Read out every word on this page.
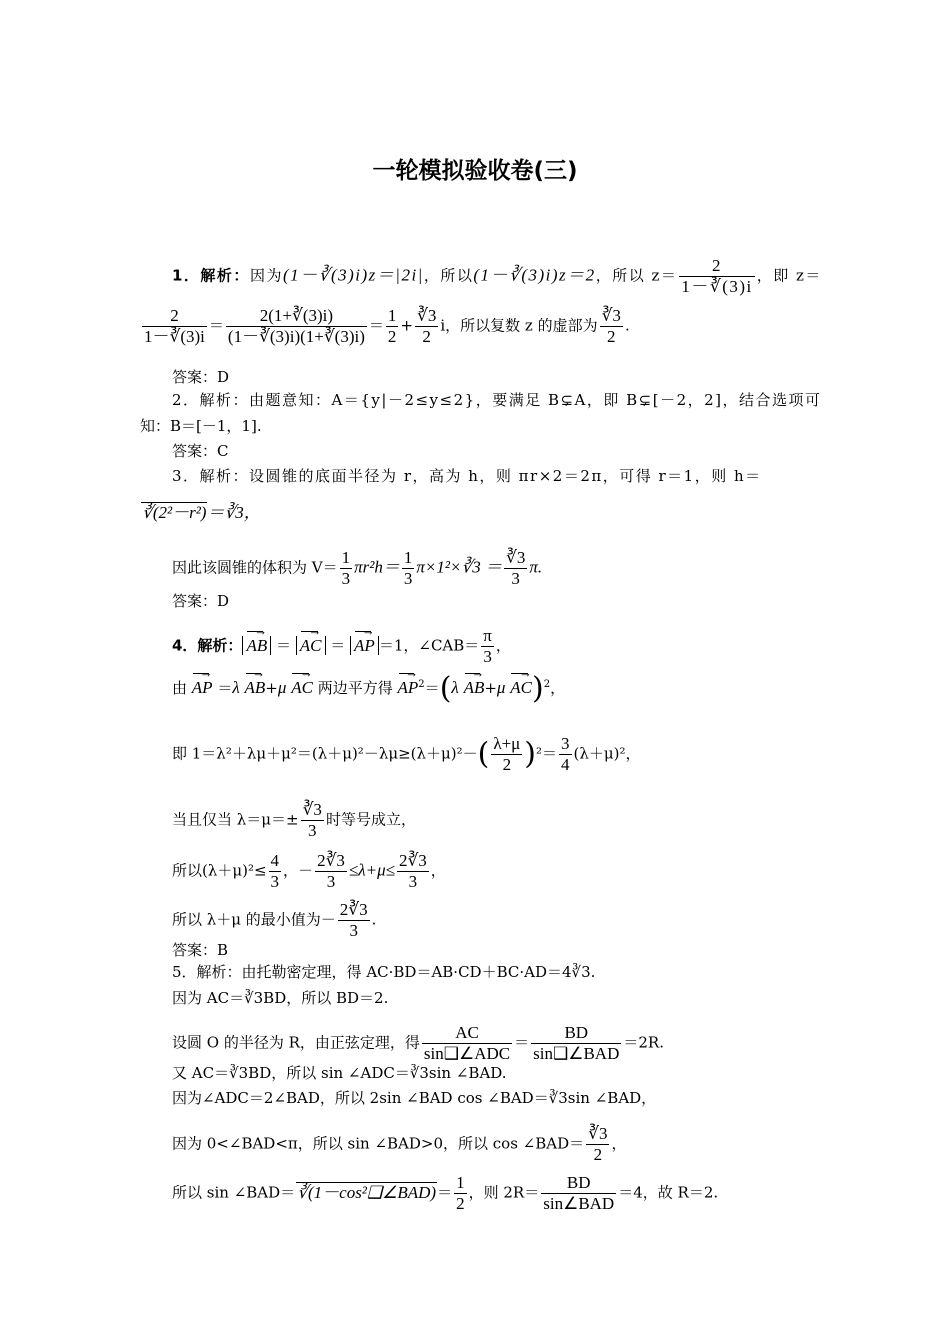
一轮模拟验收卷(三)
1．解析：因为(1－∛(3)i)z＝|2i|，所以(1－∛(3)i)z＝2，所以 $z= \frac{2}{1-∛(3)i}$ ，即 z＝
$\frac{2}{1-∛(3)i} = \frac{2(1+∛(3)i)}{(1-∛(3)i)(1+∛(3)i)} = \frac{1}{2} + \frac{∛3}{2}$ i，所以复数 z 的虚部为 $\frac{∛3}{2}$ .
答案：D
2．解析：由题意知：A＝{y|－2≤y≤2}，要满足 B⊊A，即 B⊊[－2，2]，结合选项可
知：B＝[－1，1].
答案：C
3．解析：设圆锥的底面半径为 r，高为 h，则 πr×2＝2π，可得 r＝1，则 h＝
∛(2²－r²)＝∛3，
因此该圆锥的体积为 $V= \frac{1}{3} \pi r^2h= \frac{1}{3}$ π×1²×∛3 ＝ $\frac{∛3}{3} \pi$.
答案：D
4．解析： → AB ＝ → AC ＝ → AP ＝1，∠CAB＝ $\frac{\pi}{3}$ ，
由 → AP ＝λ → AB+μ → AC 两边平方得 → $AP^2=(\lambda \to AB+\mu \to AC)^2$，
即 $1=\lambda^2+\lambda\mu+\mu^2=(\lambda+\mu)^2-\lambda\mu\ge(\lambda+\mu)^2-( \frac{\lambda+\mu}{2} )^2= \frac{3}{4} (\lambda+\mu)^2$，
当且仅当 $\lambda=\mu=\pm \frac{∛3}{3}$ 时等号成立，
所以$(\lambda+\mu)^2\le \frac{4}{3}$ ，－ $\frac{2∛3}{3} \le\lambda+\mu\le \frac{2∛3}{3}$ ，
所以 λ＋μ 的最小值为－ $\frac{2∛3}{3}$ .
答案：B
5．解析：由托勒密定理，得 AC·BD＝AB·CD＋BC·AD＝4∛3.
因为 AC＝∛3BD，所以 BD＝2.
设圆 O 的半径为 R，由正弦定理，得 $\frac{AC}{\text{sin❑∠ADC}} = \frac{BD}{\text{sin❑∠BAD}} =2R$.
又 AC＝∛3BD，所以 sin ∠ADC＝∛3sin ∠BAD.
因为∠ADC＝2∠BAD，所以 2sin ∠BAD cos ∠BAD＝∛3sin ∠BAD，
因为 0<∠BAD<π，所以 sin ∠BAD>0，所以 cos ∠BAD＝ $\frac{∛3}{2}$ ，
所以 sin ∠BAD＝ ∛(1－cos²❑∠BAD)＝ $\frac{1}{2}$ ，则 $2R= \frac{BD}{\text{sin∠BAD}} =4$，故 R＝2.
